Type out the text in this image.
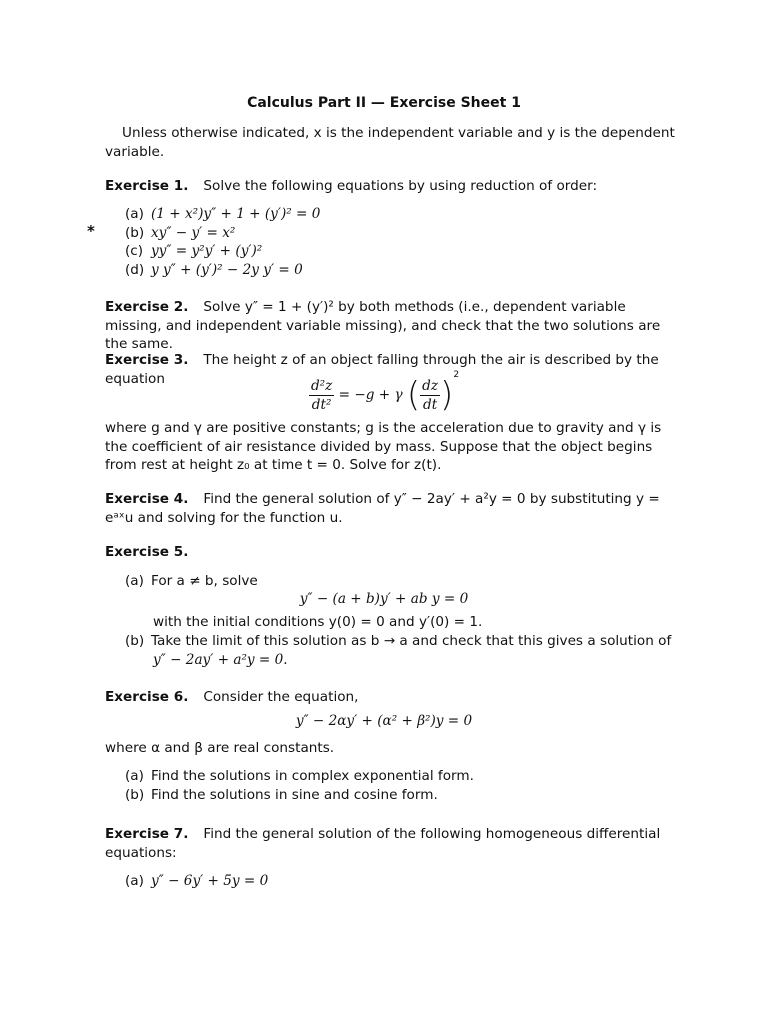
Calculus Part II — Exercise Sheet 1
Unless otherwise indicated, x is the independent variable and y is the dependent variable.
Exercise 1. Solve the following equations by using reduction of order:
*
(a) (1 + x²)y″ + 1 + (y′)² = 0
(b) xy″ − y′ = x²
(c) yy″ = y²y′ + (y′)²
(d) y y″ + (y′)² − 2y y′ = 0
Exercise 2. Solve y″ = 1 + (y′)² by both methods (i.e., dependent variable missing, and independent variable missing), and check that the two solutions are the same.
Exercise 3. The height z of an object falling through the air is described by the equation	$\frac{\text{d²z}}{\text{dt²}} = -g + \gamma$ ( $\frac{dz}{dt} )^2$
where g and γ are positive constants; g is the acceleration due to gravity and γ is the coefficient of air resistance divided by mass. Suppose that the object begins from rest at height z₀ at time t = 0. Solve for z(t).
Exercise 4. Find the general solution of y″ − 2ay′ + a²y = 0 by substituting y = eᵃˣu and solving for the function u.
Exercise 5.
(a) For a ≠ b, solve
y″ − (a + b)y′ + ab y = 0
with the initial conditions y(0) = 0 and y′(0) = 1.
(b) Take the limit of this solution as b → a and check that this gives a solution of
y″ − 2ay′ + a²y = 0.
Exercise 6. Consider the equation,
y″ − 2αy′ + (α² + β²)y = 0
where α and β are real constants.
(a) Find the solutions in complex exponential form.
(b) Find the solutions in sine and cosine form.
Exercise 7. Find the general solution of the following homogeneous differential equations:
(a) y″ − 6y′ + 5y = 0
